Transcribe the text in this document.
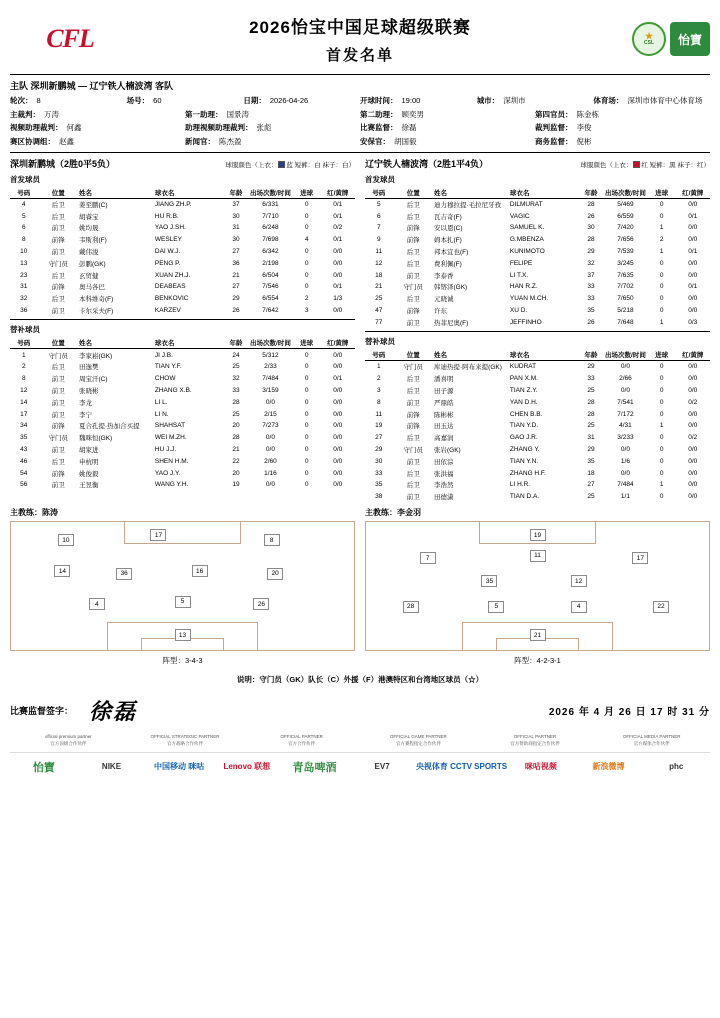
CFL	2026怡宝中国足球超级联赛
首发名单
★
CSL 怡寶
主队 深圳新鹏城 — 辽宁铁人楠波湾 客队
轮次： 8	场号： 60	日期： 2026-04-26	开球时间： 19:00	城市： 深圳市	体育场： 深圳市体育中心体育场
主裁判： 万涛	第一助理： 国景涛	第二助理： 顾奕男	第四官员： 陈金栋
视频助理裁判： 何鑫	助理视频助理裁判： 张彪	比赛监督： 徐磊	裁判监督： 李俊
赛区协调组： 赵鑫	新闻官： 陈杰盈	安保官： 胡国毅	商务监督： 倪彬
深圳新鹏城（2胜0平5负）	球服颜色（上衣： 蓝 短裤：白 袜子：白）
首发球员
号码	位置	姓名	球衣名	年龄	出场次数/时间	进球	红/黄牌
4	后卫	姜至鹏(C)	JIANG ZH.P.	37	6/331	0	0/1
5	后卫	胡睿宝	HU R.B.	30	7/710	0	0/1
6	前卫	姚均晟	YAO J.SH.	31	6/248	0	0/2
8	前锋	韦斯利(F)	WESLEY	30	7/698	4	0/1
10	前卫	戴伟浚	DAI W.J.	27	6/342	0	0/0
13	守门员	彭鹏(GK)	PENG P.	36	2/198	0	0/0
23	后卫	玄贸健	XUAN ZH.J.	21	6/504	0	0/0
31	前锋	奥马各巴	DEABEAS	27	7/546	0	0/1
32	后卫	本科维奇(F)	BENKOVIC	29	6/554	2	1/3
36	前卫	卡尔采夫(F)	KARZEV	26	7/642	3	0/0
替补球员
号码	位置	姓名	球衣名	年龄	出场次数/时间	进球	红/黄牌
1	守门员	李家崧(GK)	JI J.B.	24	5/312	0	0/0
2	后卫	田逸樊	TIAN Y.F.	25	2/33	0	0/0
8	前卫	周宝汗(C)	CHOW	32	7/484	0	0/1
12	前卫	张晓彬	ZHANG X.B.	33	3/159	0	0/0
14	前卫	李龙	LI L.	28	0/0	0	0/0
17	前卫	李宁	LI N.	25	2/15	0	0/0
34	前锋	夏合孔提·热加合买提	SHAHSAT	20	7/273	0	0/0
35	守门员	魏咪恒(GK)	WEI M.ZH.	28	0/0	0	0/0
43	前卫	胡家进	HU J.J.	21	0/0	0	0/0
46	后卫	申杭明	SHEN H.M.	22	2/60	0	0/0
54	前锋	姚俊毅	YAO J.Y.	20	1/16	0	0/0
56	前卫	王昱衡	WANG Y.H.	19	0/0	0	0/0
辽宁铁人楠波湾（2胜1平4负）	球服颜色（上衣： 红 短裤：黑 袜子：红）
首发球员
号码	位置	姓名	球衣名	年龄	出场次数/时间	进球	红/黄牌
5	后卫	迪力穆拉提·毛拉尼牙孜	DILMURAT	28	5/469	0	0/0
6	后卫	瓦吉奇(F)	VAGIC	26	6/559	0	0/1
7	前锋	安以恩(C)	SAMUEL K.	30	7/420	1	0/0
9	前锋	姆本扎(F)	G.MBENZA	28	7/656	2	0/0
11	后卫	邦本宜也(F)	KUNIMOTO	29	7/539	1	0/1
12	后卫	费利佩(F)	FELIPE	32	3/245	0	0/0
18	前卫	李泰香	LI T.X.	37	7/635	0	0/0
21	守门员	韩镕泽(GK)	HAN R.Z.	33	7/702	0	0/1
25	后卫	元晓诚	YUAN M.CH.	33	7/650	0	0/0
47	前锋	许东	XU D.	35	5/218	0	0/0
77	前卫	热菲尼奥(F)	JEFFINHO	26	7/648	1	0/3
替补球员
号码	位置	姓名	球衣名	年龄	出场次数/时间	进球	红/黄牌
1	守门员	库迪热提·阿布来提(GK)	KUDRAT	29	0/0	0	0/0
2	后卫	潘喜明	PAN X.M.	33	2/66	0	0/0
3	后卫	田子源	TIAN Z.Y.	25	0/0	0	0/0
8	前卫	严鼎皓	YAN D.H.	28	7/541	0	0/2
11	前锋	陈彬彬	CHEN B.B.	28	7/172	0	0/0
19	前锋	田玉达	TIAN Y.D.	25	4/31	1	0/0
27	后卫	高嘉润	GAO J.R.	31	3/233	0	0/2
29	守门员	张岩(GK)	ZHANG Y.	29	0/0	0	0/0
30	前卫	田依淙	TIAN Y.N.	35	1/6	0	0/0
33	后卫	张洪福	ZHANG H.F.	18	0/0	0	0/0
35	后卫	李浩然	LI H.R.	27	7/484	1	0/0
38	前卫	田德潇	TIAN D.A.	25	1/1	0	0/0
主教练：陈涛	主教练：李金羽
10
17
8
14	36	16	20
4	5	26
13
阵型：3-4-3
19
7	11	17
35	12
28	5	4	22
21
阵型：4-2-3-1
说明：守门员（GK）队长（C）外援（F）港澳特区和台湾地区球员（☆）
比赛监督签字： 徐磊	2026 年 4 月 26 日 17 时 31 分
official premium partner
官方顶级合作伙伴
OFFICIAL STRATEGIC PARTNER
官方战略合作伙伴
OFFICIAL PARTNER
官方合作伙伴
OFFICIAL GAME PARTNER
官方赛程指定合作伙伴
OFFICIAL PARTNER
官方赞助商指定合作伙伴
OFFICIAL MEDIA PARTNER
官方媒体合作伙伴
怡寶	NIKE	中国移动 咪咕	Lenovo 联想	青岛啤酒	EV7	央视体育 CCTV SPORTS	咪咕视频	新浪微博	phc
